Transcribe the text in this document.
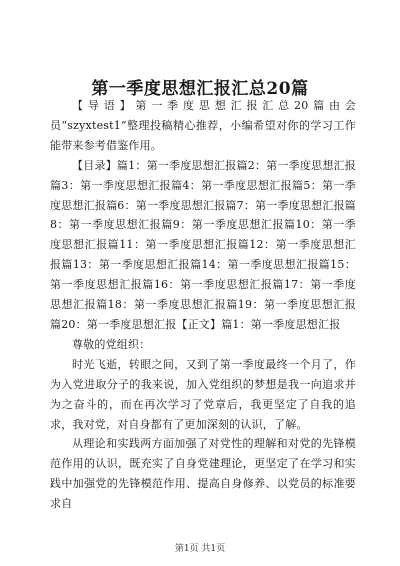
第一季度思想汇报汇总20篇

【导语】第一季度思想汇报汇总20篇由会员“szyxtest1”整理投稿精心推荐，小编希望对你的学习工作能带来参考借鉴作用。

【目录】篇1：第一季度思想汇报篇2：第一季度思想汇报篇3：第一季度思想汇报篇4：第一季度思想汇报篇5：第一季度思想汇报篇6：第一季度思想汇报篇7：第一季度思想汇报篇8：第一季度思想汇报篇9：第一季度思想汇报篇10：第一季度思想汇报篇11：第一季度思想汇报篇12：第一季度思想汇报篇13：第一季度思想汇报篇14：第一季度思想汇报篇15：第一季度思想汇报篇16：第一季度思想汇报篇17：第一季度思想汇报篇18：第一季度思想汇报篇19：第一季度思想汇报篇20：第一季度思想汇报【正文】篇1：第一季度思想汇报

尊敬的党组织：

时光飞逝，转眼之间，又到了第一季度最终一个月了，作为入党进取分子的我来说，加入党组织的梦想是我一向追求并为之奋斗的，而在再次学习了党章后，我更坚定了自我的追求，我对党，对自身都有了更加深刻的认识，了解。

从理论和实践两方面加强了对党性的理解和对党的先锋模范作用的认识，既充实了自身党建理论，更坚定了在学习和实践中加强党的先锋模范作用、提高自身修养、以党员的标准要求自

第1页 共1页
